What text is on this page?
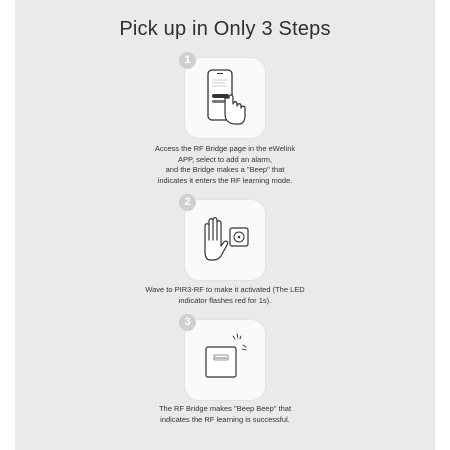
Pick up in Only 3 Steps
1
Access the RF Bridge page in the eWelink
APP, select to add an alarm,
and the Bridge makes a "Beep" that
indicates it enters the RF learning mode.
2
Wave to PIR3-RF to make it activated (The LED
indicator flashes red for 1s).
3
SONOFF
The RF Bridge makes "Beep Beep" that
indicates the RF learning is successful.
